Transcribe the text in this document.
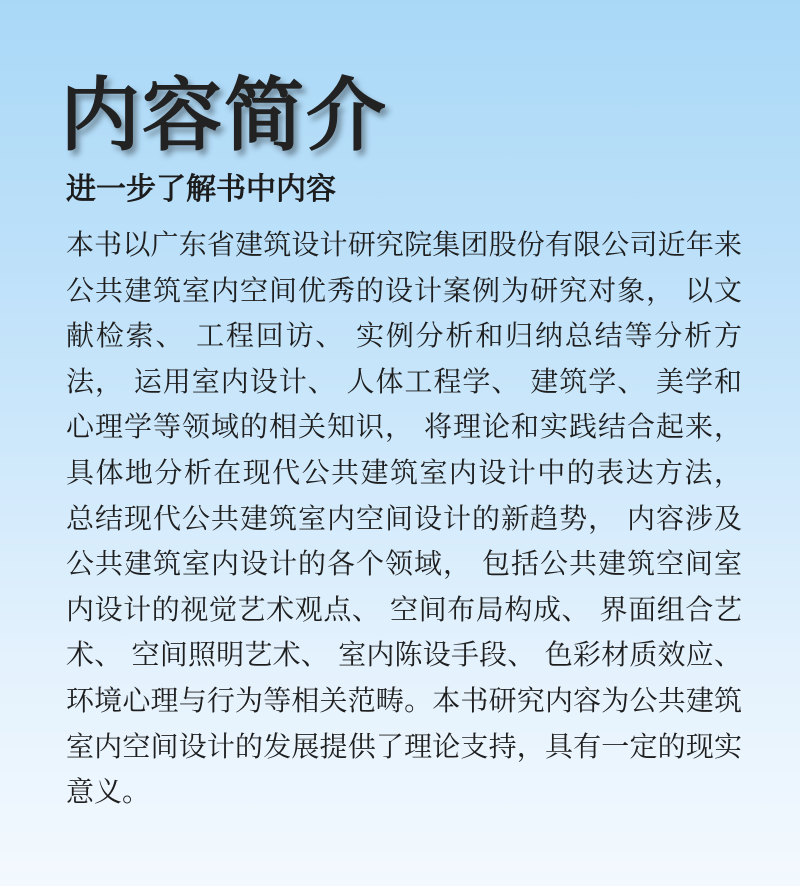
内容简介
进一步了解书中内容

本书以广东省建筑设计研究院集团股份有限公司近年来公共建筑室内空间优秀的设计案例为研究对象， 以文献检索、 工程回访、 实例分析和归纳总结等分析方法， 运用室内设计、 人体工程学、 建筑学、 美学和心理学等领域的相关知识， 将理论和实践结合起来， 具体地分析在现代公共建筑室内设计中的表达方法， 总结现代公共建筑室内空间设计的新趋势， 内容涉及公共建筑室内设计的各个领域， 包括公共建筑空间室内设计的视觉艺术观点、 空间布局构成、 界面组合艺术、 空间照明艺术、 室内陈设手段、 色彩材质效应、 环境心理与行为等相关范畴。本书研究内容为公共建筑室内空间设计的发展提供了理论支持，具有一定的现实意义。
